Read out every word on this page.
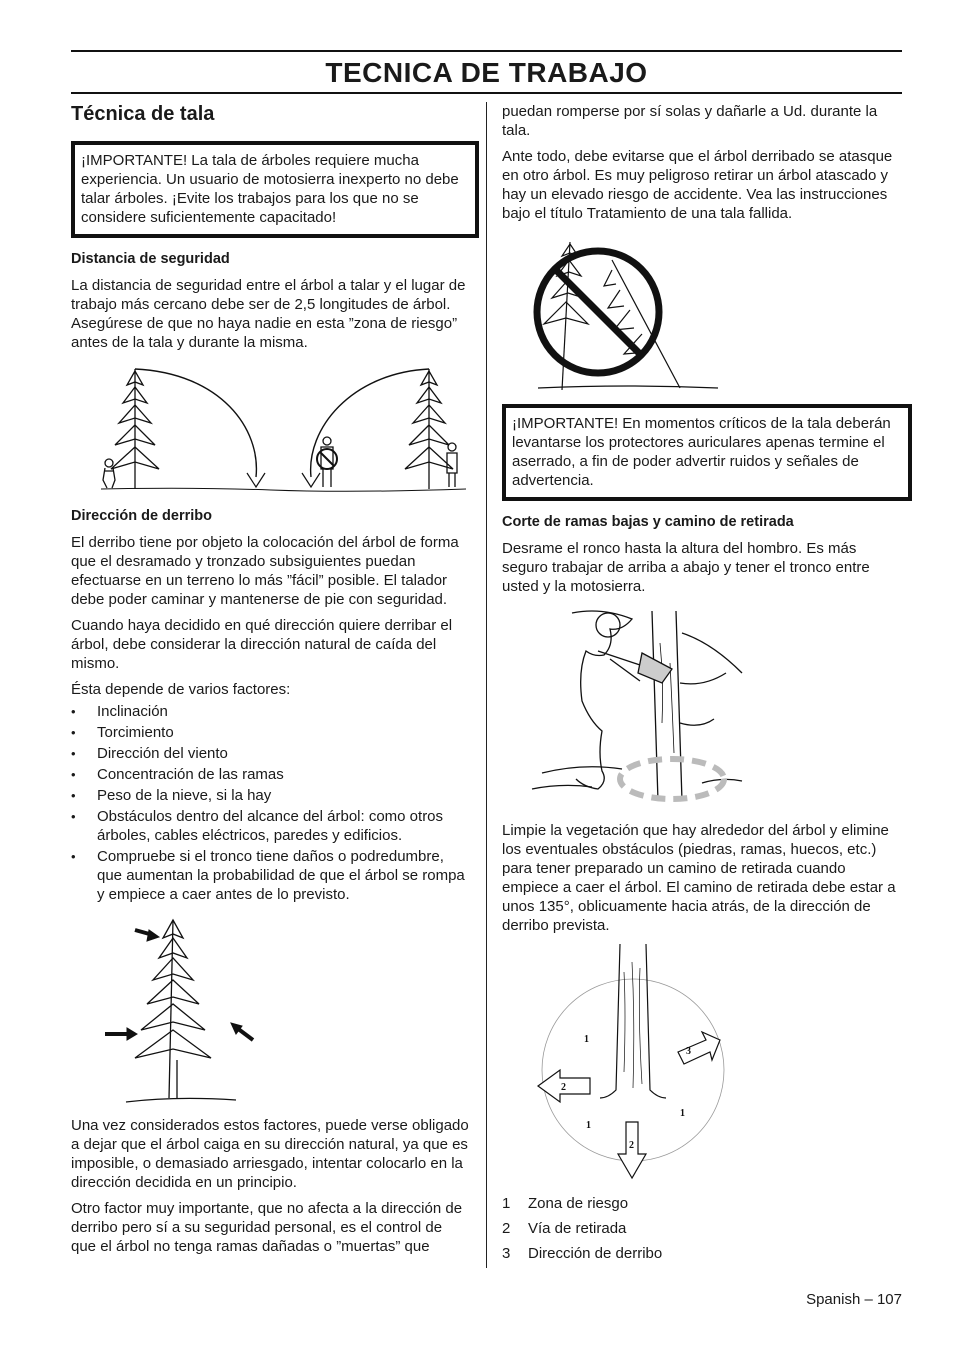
TECNICA DE TRABAJO
Técnica de tala
¡IMPORTANTE! La tala de árboles requiere mucha experiencia. Un usuario de motosierra inexperto no debe talar árboles. ¡Evite los trabajos para los que no se considere suficientemente capacitado!
Distancia de seguridad

La distancia de seguridad entre el árbol a talar y el lugar de trabajo más cercano debe ser de 2,5 longitudes de árbol. Asegúrese de que no haya nadie en esta ”zona de riesgo” antes de la tala y durante la misma.

Dirección de derribo

El derribo tiene por objeto la colocación del árbol de forma que el desramado y tronzado subsiguientes puedan efectuarse en un terreno lo más ”fácil” posible. El talador debe poder caminar y mantenerse de pie con seguridad.

Cuando haya decidido en qué dirección quiere derribar el árbol, debe considerar la dirección natural de caída del mismo.

Ésta depende de varios factores:

• Inclinación
• Torcimiento
• Dirección del viento
• Concentración de las ramas
• Peso de la nieve, si la hay
• Obstáculos dentro del alcance del árbol: como otros árboles, cables eléctricos, paredes y edificios.
• Compruebe si el tronco tiene daños o podredumbre, que aumentan la probabilidad de que el árbol se rompa y empiece a caer antes de lo previsto.

Una vez considerados estos factores, puede verse obligado a dejar que el árbol caiga en su dirección natural, ya que es imposible, o demasiado arriesgado, intentar colocarlo en la dirección decidida en un principio.

Otro factor muy importante, que no afecta a la dirección de derribo pero sí a su seguridad personal, es el control de que el árbol no tenga ramas dañadas o ”muertas” que

puedan romperse por sí solas y dañarle a Ud. durante la tala.

Ante todo, debe evitarse que el árbol derribado se atasque en otro árbol. Es muy peligroso retirar un árbol atascado y hay un elevado riesgo de accidente. Vea las instrucciones bajo el título Tratamiento de una tala fallida.

¡IMPORTANTE! En momentos críticos de la tala deberán levantarse los protectores auriculares apenas termine el aserrado, a fin de poder advertir ruidos y señales de advertencia.
Corte de ramas bajas y camino de retirada

Desrame el ronco hasta la altura del hombro. Es más seguro trabajar de arriba a abajo y tener el tronco entre usted y la motosierra.

Limpie la vegetación que hay alrededor del árbol y elimine los eventuales obstáculos (piedras, ramas, huecos, etc.) para tener preparado un camino de retirada cuando empiece a caer el árbol. El camino de retirada debe estar a unos 135°, oblicuamente hacia atrás, de la dirección de derribo prevista.

1
1
1
2
2
3
1	Zona de riesgo
2	Vía de retirada
3	Dirección de derribo
Spanish – 107
